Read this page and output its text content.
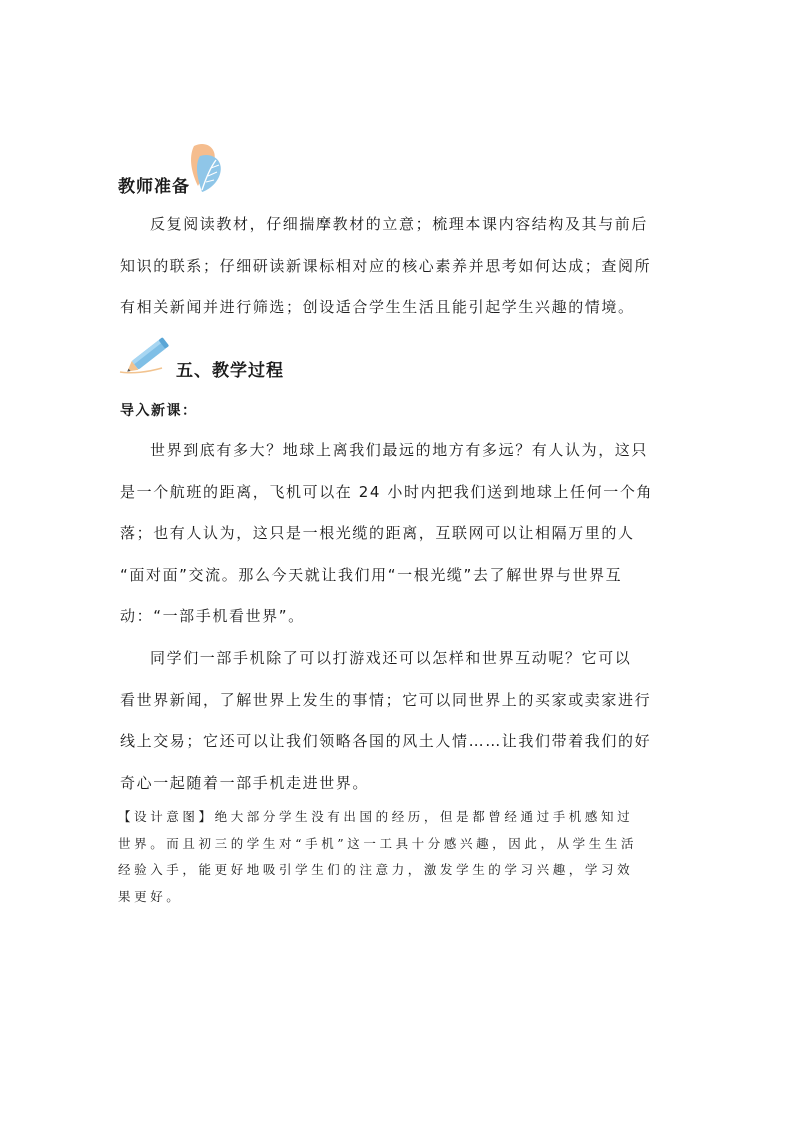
教师准备
反复阅读教材，仔细揣摩教材的立意；梳理本课内容结构及其与前后
知识的联系；仔细研读新课标相对应的核心素养并思考如何达成；查阅所
有相关新闻并进行筛选；创设适合学生生活且能引起学生兴趣的情境。
五、教学过程
导入新课：
世界到底有多大？地球上离我们最远的地方有多远？有人认为，这只
是一个航班的距离，飞机可以在 24 小时内把我们送到地球上任何一个角
落；也有人认为，这只是一根光缆的距离，互联网可以让相隔万里的人
“面对面”交流。那么今天就让我们用“一根光缆”去了解世界与世界互
动：“一部手机看世界”。
同学们一部手机除了可以打游戏还可以怎样和世界互动呢？它可以
看世界新闻，了解世界上发生的事情；它可以同世界上的买家或卖家进行
线上交易；它还可以让我们领略各国的风土人情……让我们带着我们的好
奇心一起随着一部手机走进世界。
【设计意图】绝大部分学生没有出国的经历，但是都曾经通过手机感知过
世界。而且初三的学生对“手机”这一工具十分感兴趣，因此，从学生生活
经验入手，能更好地吸引学生们的注意力，激发学生的学习兴趣，学习效
果更好。
